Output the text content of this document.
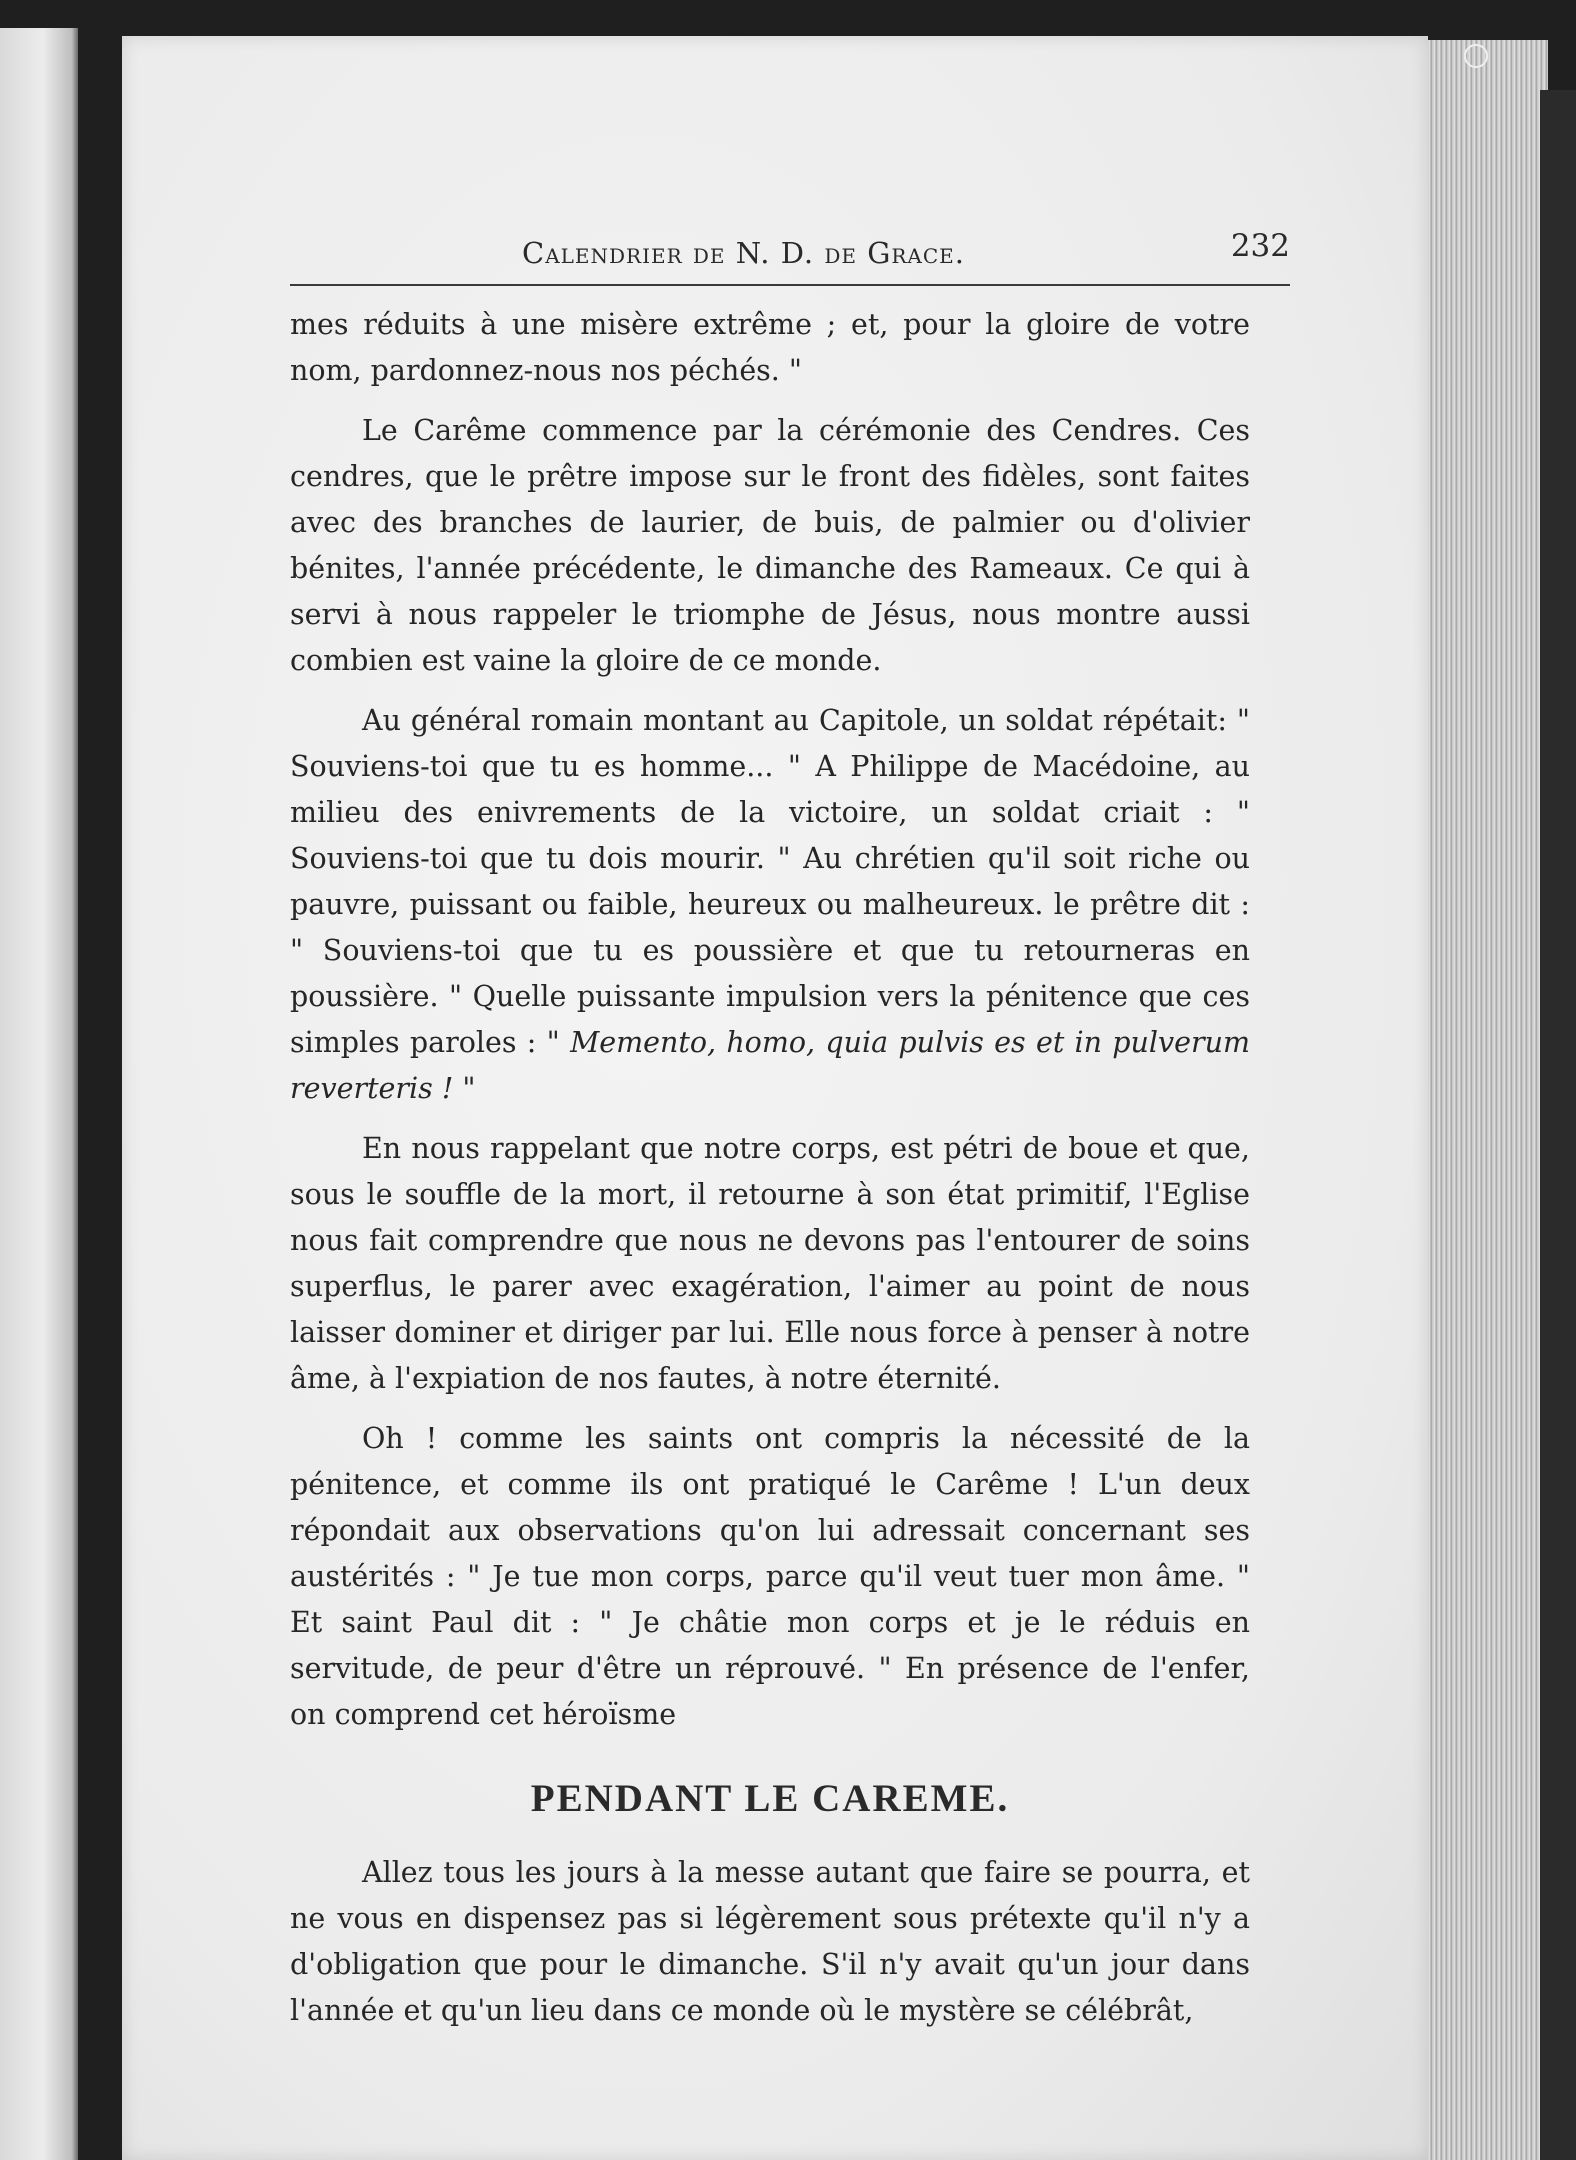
Calendrier de N. D. de Grace.	232

mes réduits à une misère extrême ; et, pour la gloire de votre nom, pardonnez-nous nos péchés. "

Le Carême commence par la cérémonie des Cendres. Ces cendres, que le prêtre impose sur le front des fidèles, sont faites avec des branches de laurier, de buis, de palmier ou d'olivier bénites, l'année précédente, le dimanche des Rameaux. Ce qui à servi à nous rappeler le triomphe de Jésus, nous montre aussi combien est vaine la gloire de ce monde.

Au général romain montant au Capitole, un soldat répétait: " Souviens-toi que tu es homme... " A Philippe de Macédoine, au milieu des enivrements de la victoire, un soldat criait : " Souviens-toi que tu dois mourir. " Au chrétien qu'il soit riche ou pauvre, puissant ou faible, heureux ou malheureux. le prêtre dit : " Souviens-toi que tu es poussière et que tu retourneras en poussière. " Quelle puissante impulsion vers la pénitence que ces simples paroles : " Memento, homo, quia pulvis es et in pulverum reverteris ! "

En nous rappelant que notre corps, est pétri de boue et que, sous le souffle de la mort, il retourne à son état primitif, l'Eglise nous fait comprendre que nous ne devons pas l'entourer de soins superflus, le parer avec exagération, l'aimer au point de nous laisser dominer et diriger par lui. Elle nous force à penser à notre âme, à l'expiation de nos fautes, à notre éternité.

Oh ! comme les saints ont compris la nécessité de la pénitence, et comme ils ont pratiqué le Carême ! L'un deux répondait aux observations qu'on lui adressait concernant ses austérités : " Je tue mon corps, parce qu'il veut tuer mon âme. " Et saint Paul dit : " Je châtie mon corps et je le réduis en servitude, de peur d'être un réprouvé. " En présence de l'enfer, on comprend cet héroïsme

PENDANT LE CAREME.

Allez tous les jours à la messe autant que faire se pourra, et ne vous en dispensez pas si légèrement sous prétexte qu'il n'y a d'obligation que pour le dimanche. S'il n'y avait qu'un jour dans l'année et qu'un lieu dans ce monde où le mystère se célébrât,
